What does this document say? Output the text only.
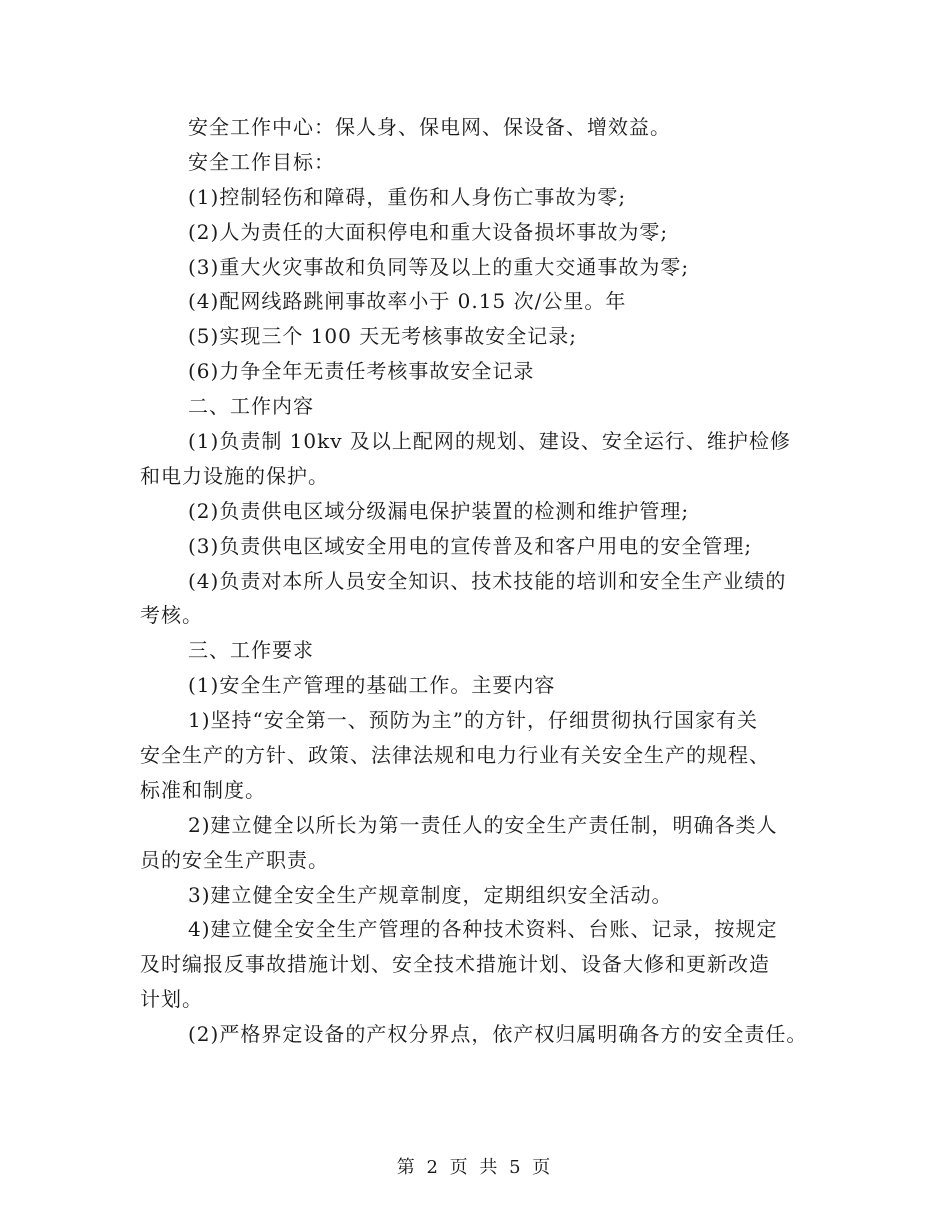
安全工作中心：保人身、保电网、保设备、增效益。
安全工作目标：
(1)控制轻伤和障碍，重伤和人身伤亡事故为零;
(2)人为责任的大面积停电和重大设备损坏事故为零;
(3)重大火灾事故和负同等及以上的重大交通事故为零;
(4)配网线路跳闸事故率小于 0.15 次/公里。年
(5)实现三个 100 天无考核事故安全记录;
(6)力争全年无责任考核事故安全记录
二、工作内容
(1)负责制 10kv 及以上配网的规划、建设、安全运行、维护检修
和电力设施的保护。
(2)负责供电区域分级漏电保护装置的检测和维护管理;
(3)负责供电区域安全用电的宣传普及和客户用电的安全管理;
(4)负责对本所人员安全知识、技术技能的培训和安全生产业绩的
考核。
三、工作要求
(1)安全生产管理的基础工作。主要内容
1)坚持“安全第一、预防为主”的方针，仔细贯彻执行国家有关
安全生产的方针、政策、法律法规和电力行业有关安全生产的规程、
标准和制度。
2)建立健全以所长为第一责任人的安全生产责任制，明确各类人
员的安全生产职责。
3)建立健全安全生产规章制度，定期组织安全活动。
4)建立健全安全生产管理的各种技术资料、台账、记录，按规定
及时编报反事故措施计划、安全技术措施计划、设备大修和更新改造
计划。
(2)严格界定设备的产权分界点，依产权归属明确各方的安全责任。
第 2 页 共 5 页
